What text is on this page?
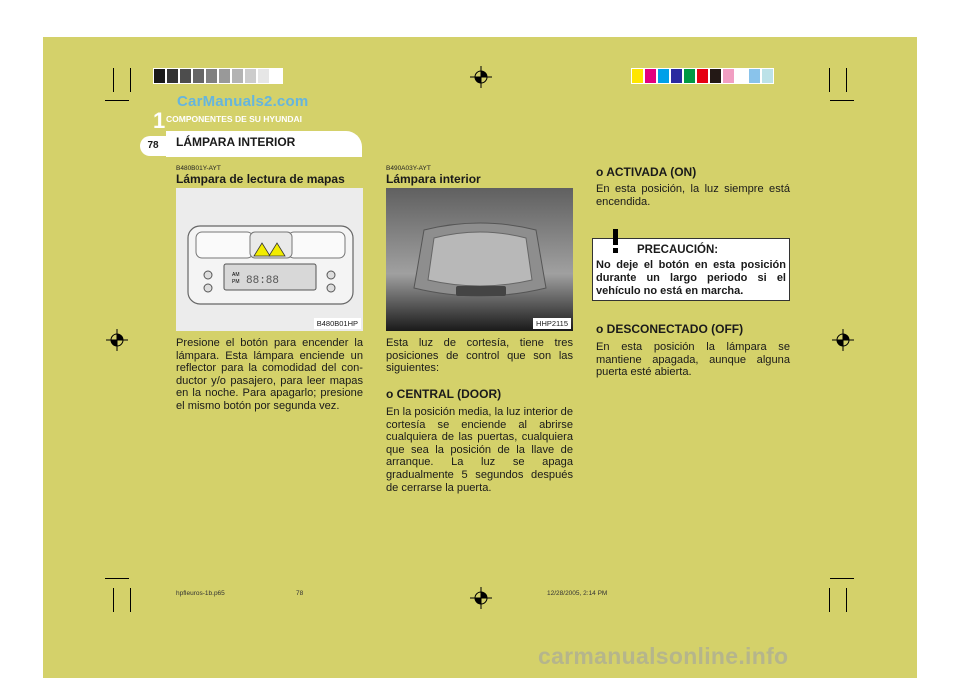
CarManuals2.com
1 COMPONENTES DE SU HYUNDAI
78	LÁMPARA INTERIOR
B480B01Y-AYT
Lámpara de lectura de mapas
AM
PM 88:88
B480B01HP
Presione el botón para encender la lámpara. Esta lámpara enciende un reflector para la comodidad del con-ductor y/o pasajero, para leer mapas en la noche. Para apagarlo; presione el mismo botón por segunda vez.
B490A03Y-AYT
Lámpara interior
HHP2115
Esta luz de cortesía, tiene tres posiciones de control que son las siguientes:
o CENTRAL (DOOR)
En la posición media, la luz interior de cortesía se enciende al abrirse cualquiera de las puertas, cualquiera que sea la posición de la llave de arranque. La luz se apaga gradualmente 5 segundos después de cerrarse la puerta.
o ACTIVADA (ON)
En esta posición, la luz siempre está encendida.
PRECAUCIÓN:
No deje el botón en esta posición durante un largo periodo si el vehículo no está en marcha.
o DESCONECTADO (OFF)
En esta posición la lámpara se mantiene apagada, aunque alguna puerta esté abierta.
hpfleuros-1b.p65	78	12/28/2005, 2:14 PM
carmanualsonline.info
